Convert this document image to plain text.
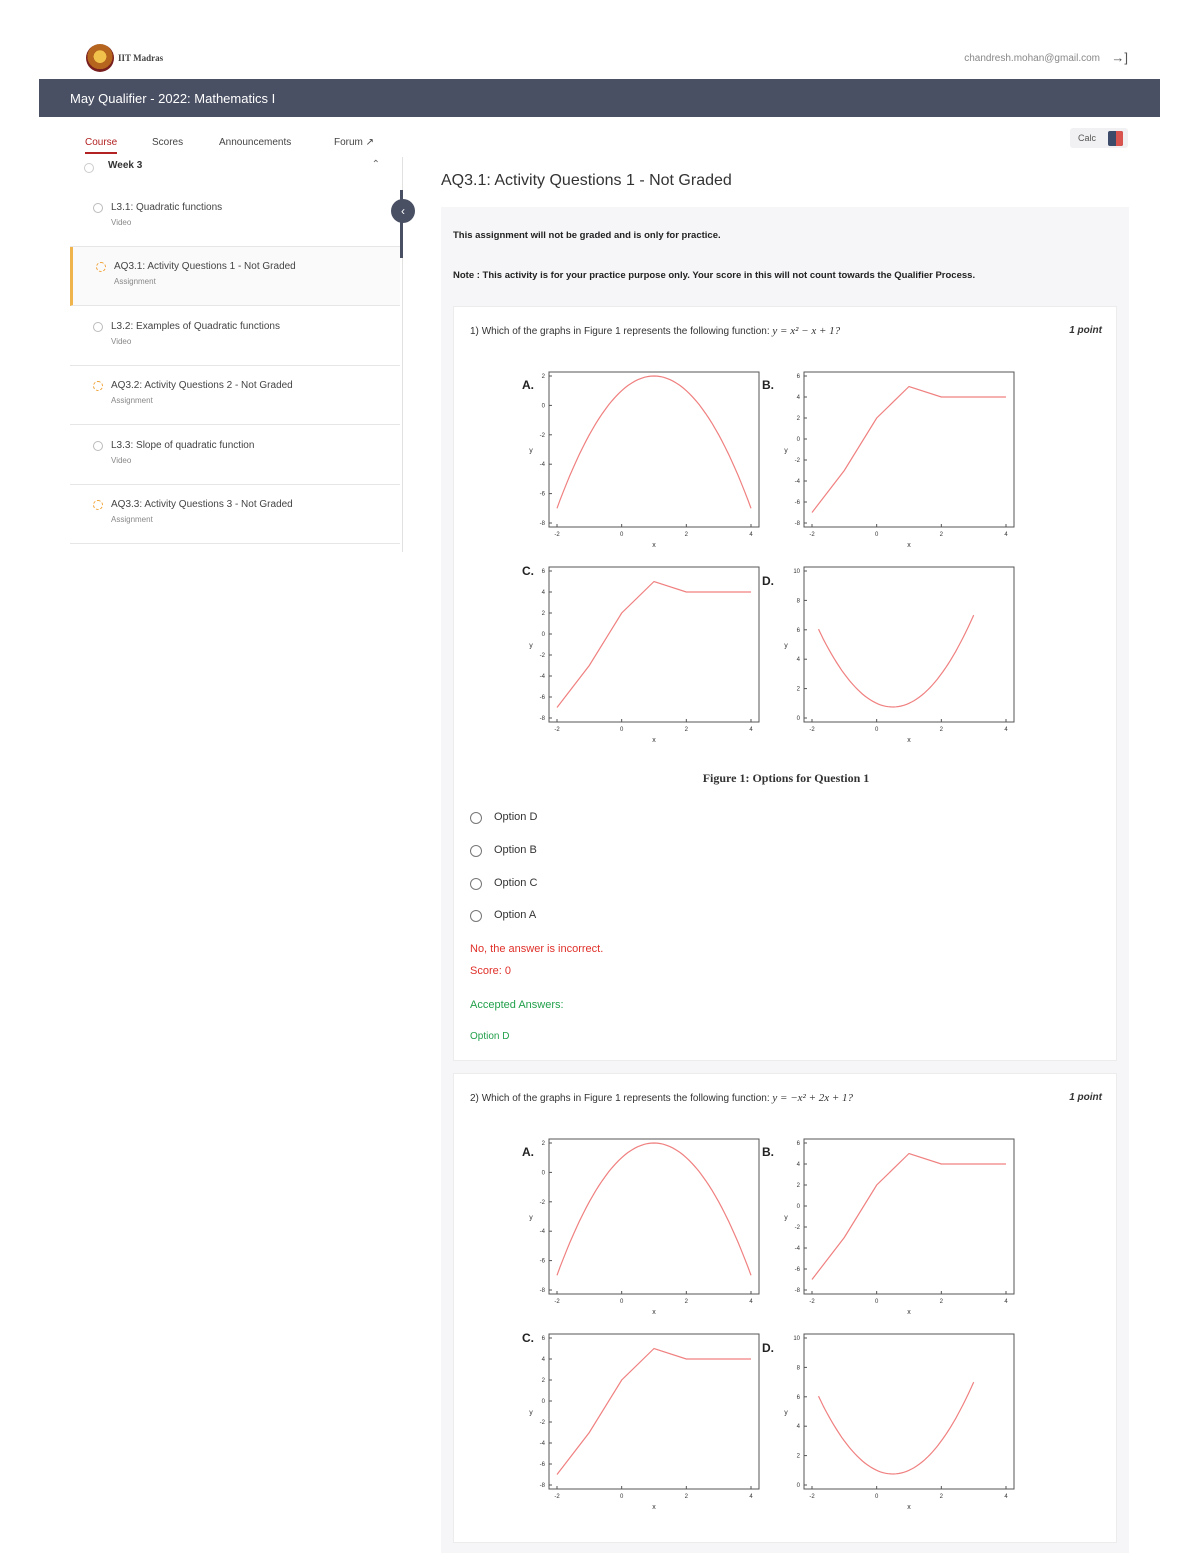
IIT Madras	chandresh.mohan@gmail.com →]
May Qualifier - 2022: Mathematics I
Course	Scores	Announcements	Forum ↗	Calc
Week 3	⌃
L3.1: Quadratic functions
Video
AQ3.1: Activity Questions 1 - Not Graded
Assignment
L3.2: Examples of Quadratic functions
Video
AQ3.2: Activity Questions 2 - Not Graded
Assignment
L3.3: Slope of quadratic function
Video
AQ3.3: Activity Questions 3 - Not Graded
Assignment
‹
AQ3.1: Activity Questions 1 - Not Graded
This assignment will not be graded and is only for practice.
Note : This activity is for your practice purpose only. Your score in this will not count towards the Qualifier Process.
1) Which of the graphs in Figure 1 represents the following function: y = x² − x + 1?	1 point
A.
-2	0	2	4
2
0
-2
-4
-6
-8
x
y
B.
-2	0	2	4
6
4
2
0
-2
-4
-6
-8
x
y
C.
-2	0	2	4
6
4
2
0
-2
-4
-6
-8
x
y
D.
-2	0	2	4
10
8
6
4
2
0
x
y
Figure 1: Options for Question 1
Option D
Option B
Option C
Option A
No, the answer is incorrect.
Score: 0
Accepted Answers:
Option D
2) Which of the graphs in Figure 1 represents the following function: y = −x² + 2x + 1?	1 point
A.
-2	0	2	4
2
0
-2
-4
-6
-8
x
y
B.
-2	0	2	4
6
4
2
0
-2
-4
-6
-8
x
y
C.
-2	0	2	4
6
4
2
0
-2
-4
-6
-8
x
y
D.
-2	0	2	4
10
8
6
4
2
0
x
y
